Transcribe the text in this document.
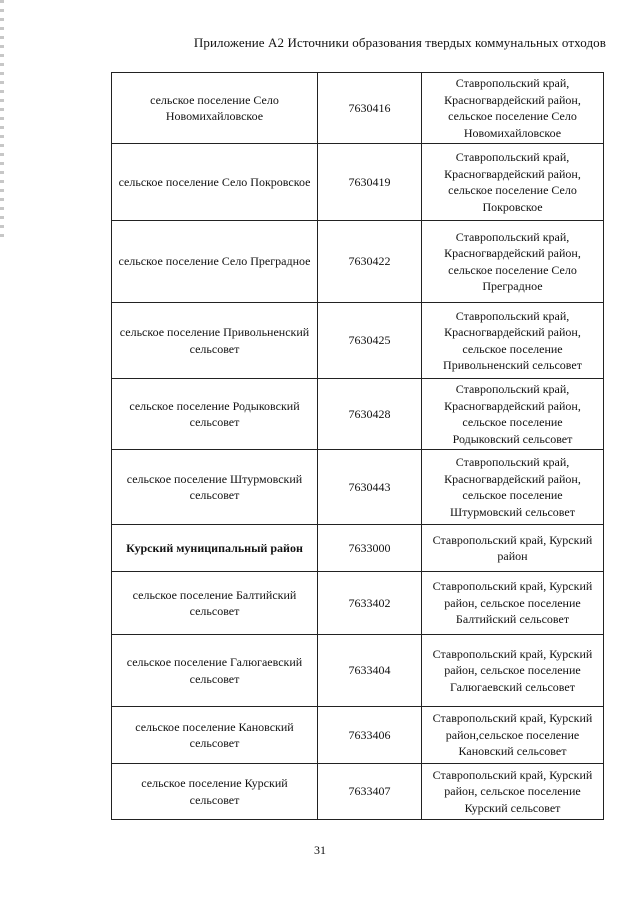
Приложение А2 Источники образования твердых коммунальных отходов
сельское поселение Село Новомихайловское	7630416	Ставропольский край, Красногвардейский район, сельское поселение Село Новомихайловское
сельское поселение Село Покровское	7630419	Ставропольский край, Красногвардейский район, сельское поселение Село Покровское
сельское поселение Село Преградное	7630422	Ставропольский край, Красногвардейский район, сельское поселение Село Преградное
сельское поселение Привольненский сельсовет	7630425	Ставропольский край, Красногвардейский район, сельское поселение Привольненский сельсовет
сельское поселение Родыковский сельсовет	7630428	Ставропольский край, Красногвардейский район, сельское поселение Родыковский сельсовет
сельское поселение Штурмовский сельсовет	7630443	Ставропольский край, Красногвардейский район, сельское поселение Штурмовский сельсовет
Курский муниципальный район	7633000	Ставропольский край, Курский район
сельское поселение Балтийский сельсовет	7633402	Ставропольский край, Курский район, сельское поселение Балтийский сельсовет
сельское поселение Галюгаевский сельсовет	7633404	Ставропольский край, Курский район, сельское поселение Галюгаевский сельсовет
сельское поселение Кановский сельсовет	7633406	Ставропольский край, Курский район,сельское поселение Кановский сельсовет
сельское поселение Курский сельсовет	7633407	Ставропольский край, Курский район, сельское поселение Курский сельсовет
31
